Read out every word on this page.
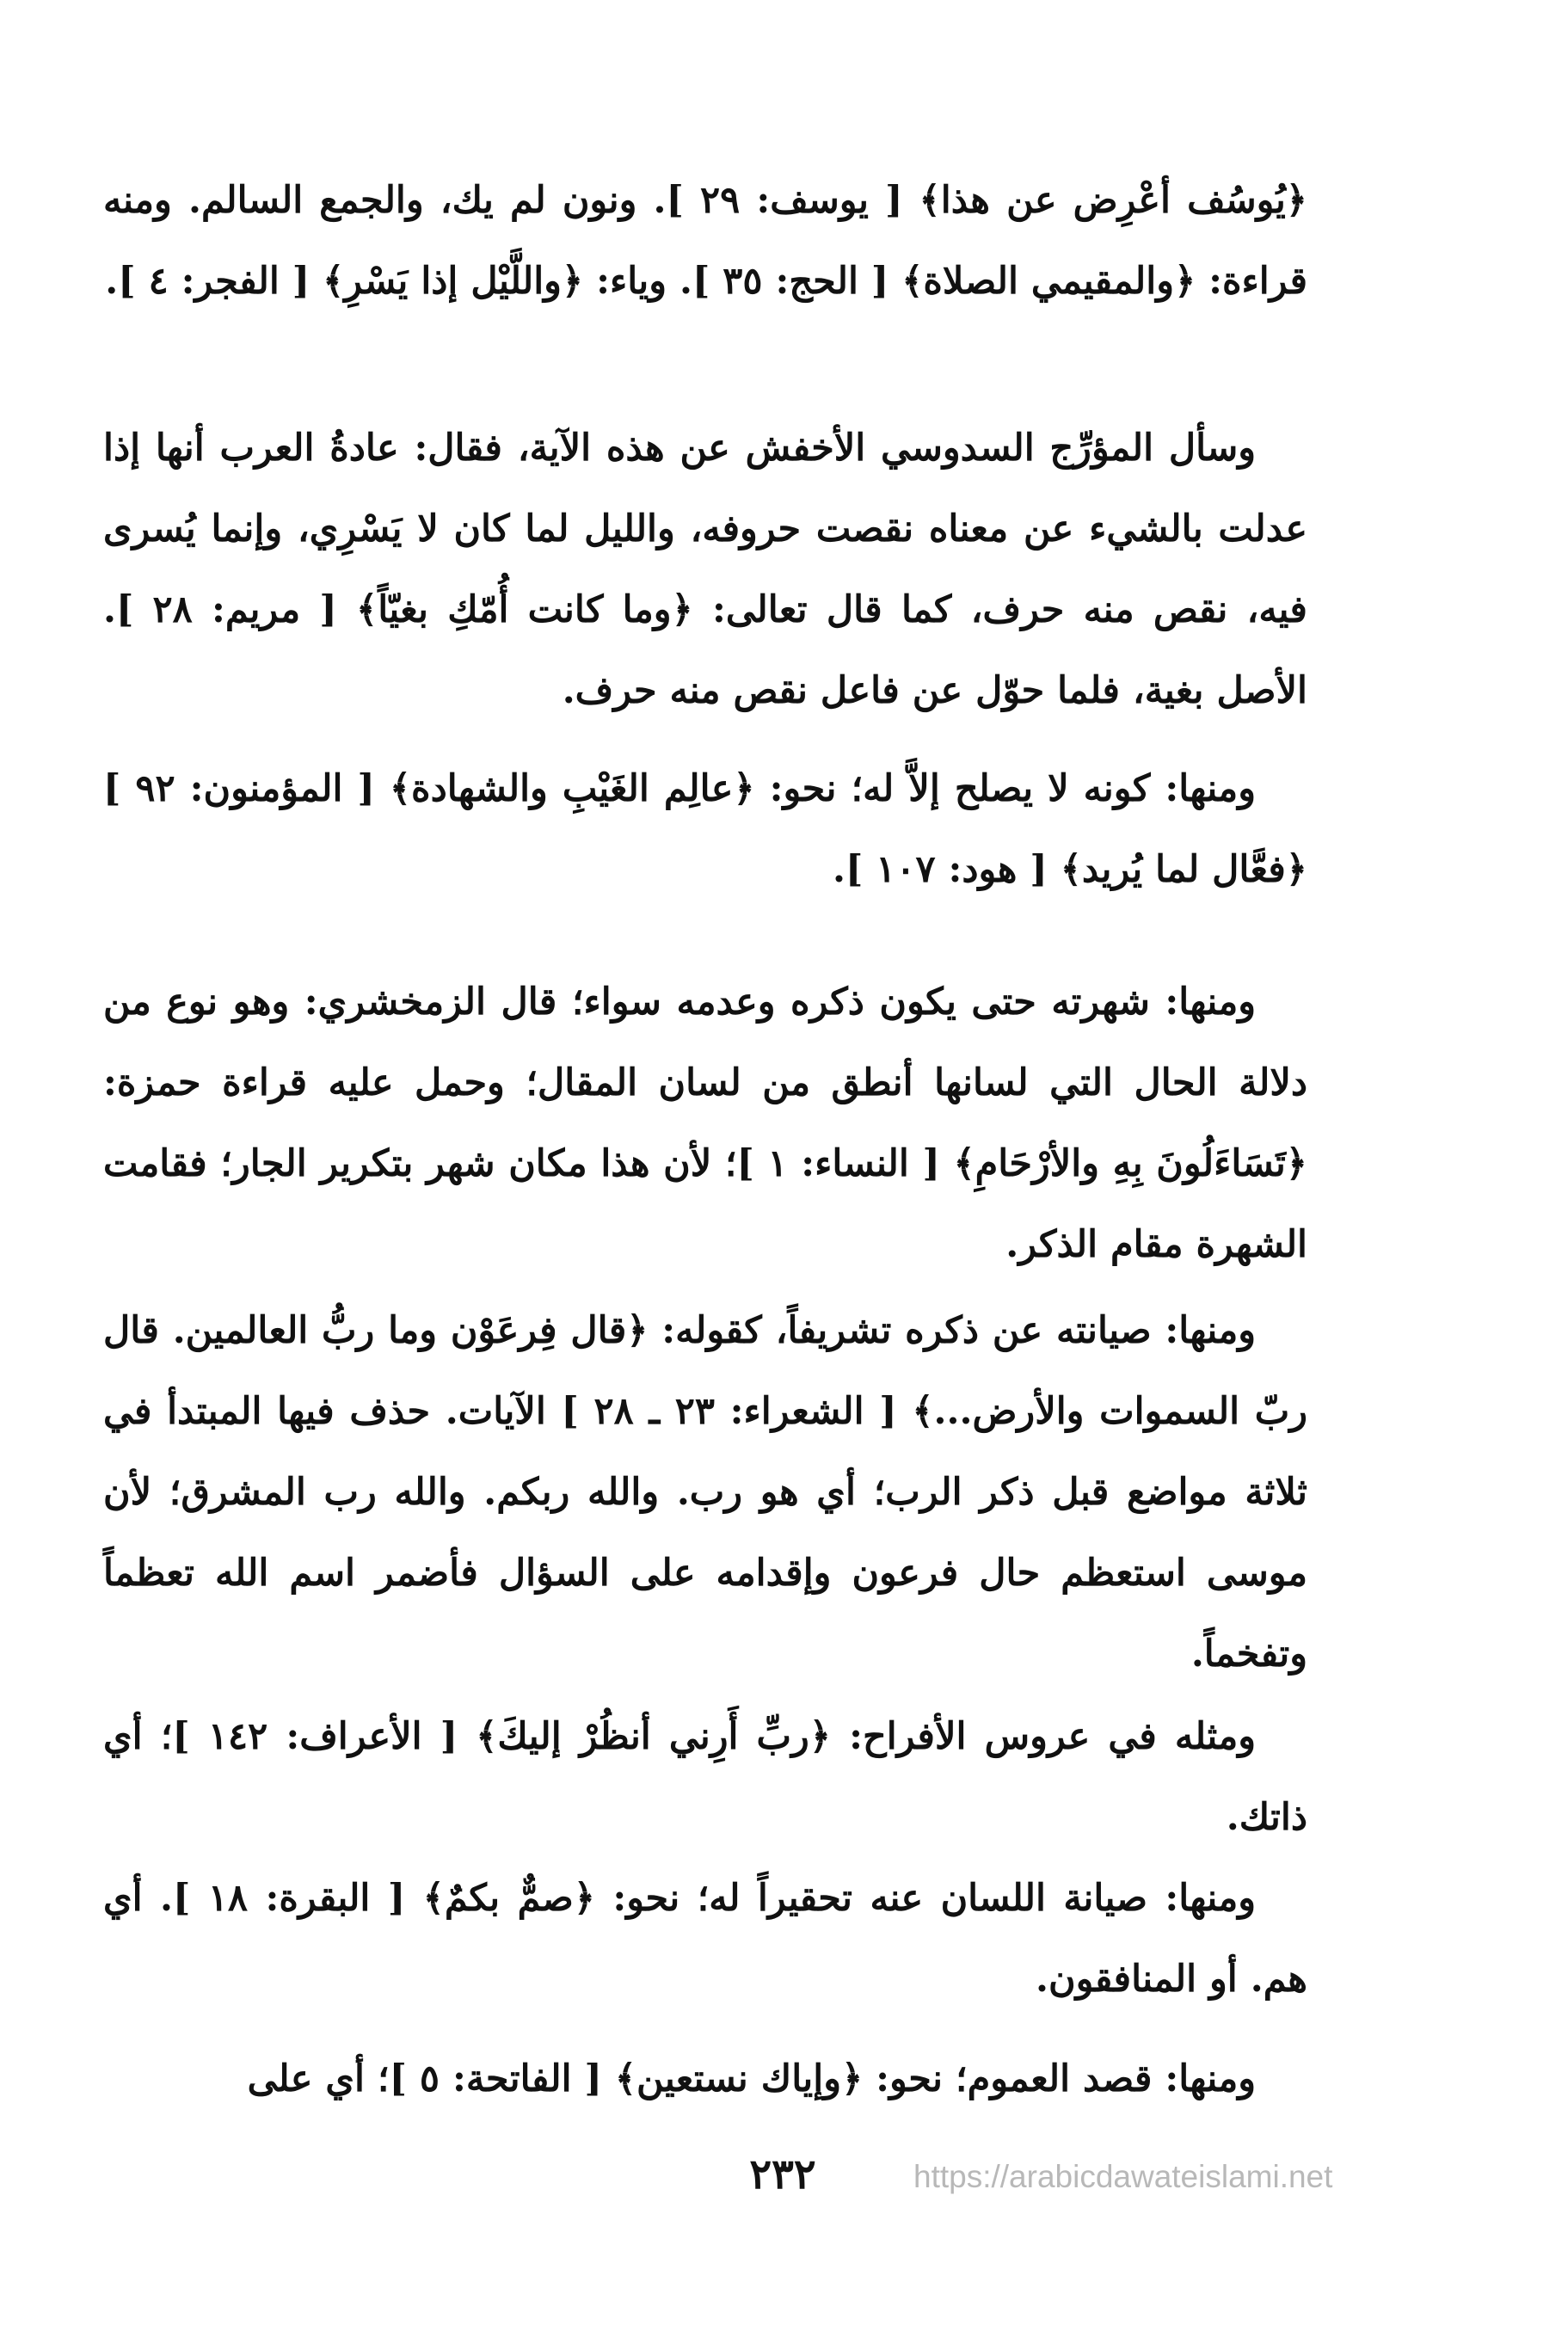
﴿يُوسُف أعْرِض عن هذا﴾ [ يوسف: ٢٩ ]. ونون لم يك، والجمع السالم. ومنه قراءة: ﴿والمقيمي الصلاة﴾ [ الحج: ٣٥ ]. وياء: ﴿واللَّيْل إذا يَسْرِ﴾ [ الفجر: ٤ ].

وسأل المؤرِّج السدوسي الأخفش عن هذه الآية، فقال: عادةُ العرب أنها إذا عدلت بالشيء عن معناه نقصت حروفه، والليل لما كان لا يَسْرِي، وإنما يُسرى فيه، نقص منه حرف، كما قال تعالى: ﴿وما كانت أُمّكِ بغيّاً﴾ [ مريم: ٢٨ ]. الأصل بغية، فلما حوّل عن فاعل نقص منه حرف.

ومنها: كونه لا يصلح إلاَّ له؛ نحو: ﴿عالِم الغَيْبِ والشهادة﴾ [ المؤمنون: ٩٢ ] ﴿فعَّال لما يُريد﴾ [ هود: ١٠٧ ].

ومنها: شهرته حتى يكون ذكره وعدمه سواء؛ قال الزمخشري: وهو نوع من دلالة الحال التي لسانها أنطق من لسان المقال؛ وحمل عليه قراءة حمزة: ﴿تَسَاءَلُونَ بِهِ والأرْحَامِ﴾ [ النساء: ١ ]؛ لأن هذا مكان شهر بتكرير الجار؛ فقامت الشهرة مقام الذكر.

ومنها: صيانته عن ذكره تشريفاً، كقوله: ﴿قال فِرعَوْن وما ربُّ العالمين. قال ربّ السموات والأرض...﴾ [ الشعراء: ٢٣ ـ ٢٨ ] الآيات. حذف فيها المبتدأ في ثلاثة مواضع قبل ذكر الرب؛ أي هو رب. والله ربكم. والله رب المشرق؛ لأن موسى استعظم حال فرعون وإقدامه على السؤال فأضمر اسم الله تعظماً وتفخماً.

ومثله في عروس الأفراح: ﴿ربِّ أَرِني أنظُرْ إليكَ﴾ [ الأعراف: ١٤٢ ]؛ أي ذاتك.

ومنها: صيانة اللسان عنه تحقيراً له؛ نحو: ﴿صمٌّ بكمٌ﴾ [ البقرة: ١٨ ]. أي هم. أو المنافقون.

ومنها: قصد العموم؛ نحو: ﴿وإياك نستعين﴾ [ الفاتحة: ٥ ]؛ أي على

٢٣٢	https://arabicdawateislami.net
